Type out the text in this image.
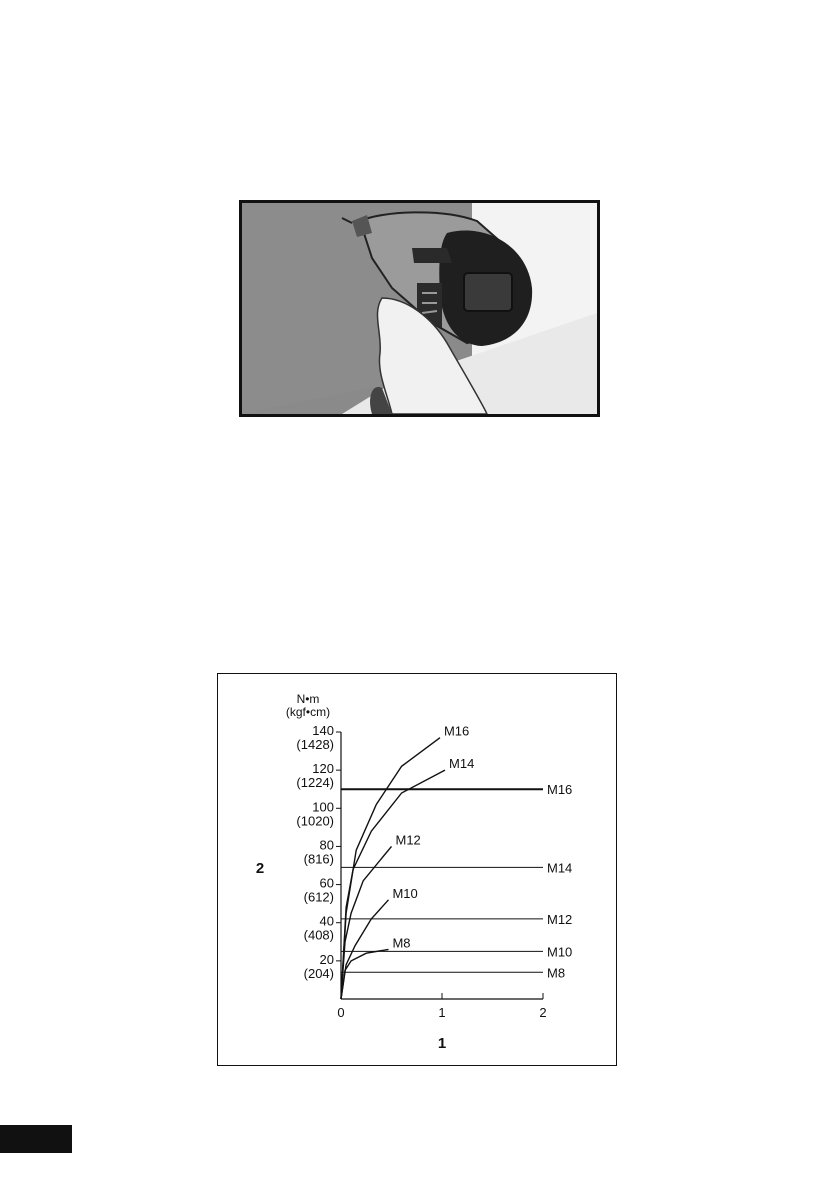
N•m
(kgf•cm)
2
1
20
(204)
40
(408)
60
(612)
80
(816)
100
(1020)
120
(1224)
140
(1428)
0	1	2
M16
M14
M12
M10
M8
M16
M14
M12
M10
M8
